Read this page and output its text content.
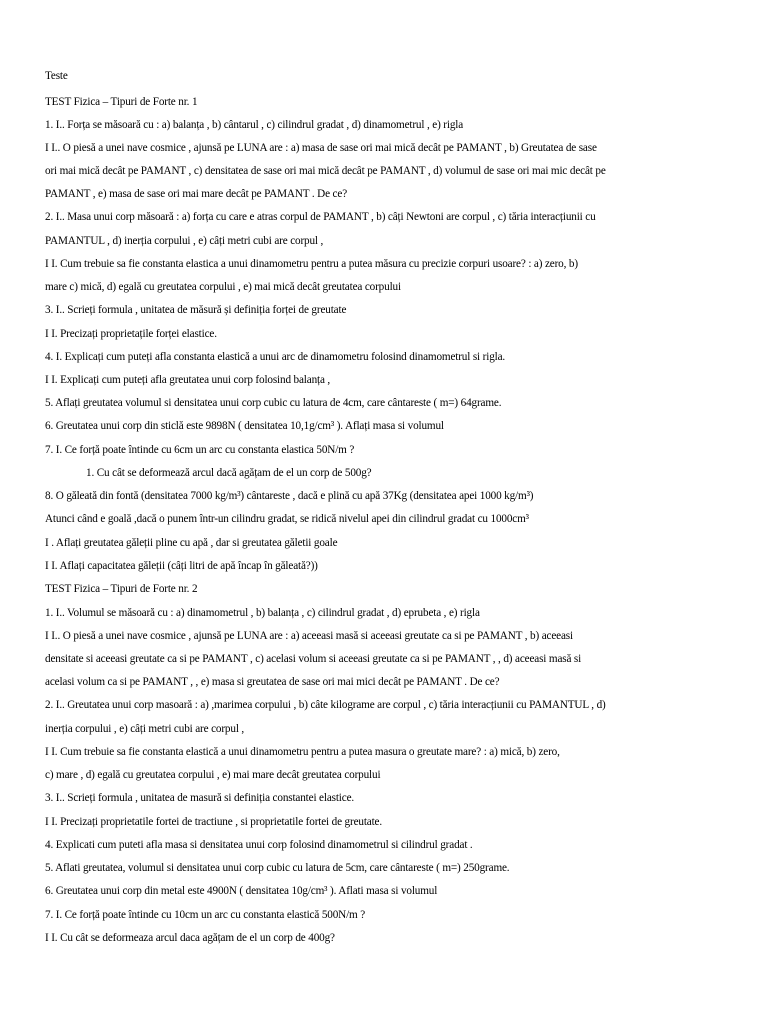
Teste
TEST Fizica – Tipuri de Forte nr. 1
1. I.. Forța se măsoară cu : a) balanța , b) cântarul , c) cilindrul gradat , d) dinamometrul , e) rigla
I I.. O piesă a unei nave cosmice , ajunsă pe LUNA are : a) masa de sase ori mai mică decât pe PAMANT , b) Greutatea de sase
ori mai mică decât pe PAMANT , c) densitatea de sase ori mai mică decât pe PAMANT , d) volumul de sase ori mai mic decât pe
PAMANT , e) masa de sase ori mai mare decât pe PAMANT . De ce?
2. I.. Masa unui corp măsoară : a) forța cu care e atras corpul de PAMANT , b) câți Newtoni are corpul , c) tăria interacțiunii cu
PAMANTUL , d) inerția corpului , e) câți metri cubi are corpul ,
I I. Cum trebuie sa fie constanta elastica a unui dinamometru pentru a putea măsura cu precizie corpuri usoare? : a) zero, b)
mare c) mică, d) egală cu greutatea corpului , e) mai mică decât greutatea corpului
3. I.. Scrieți formula , unitatea de măsură și definiția forței de greutate
I I. Precizați proprietațile forței elastice.
4. I. Explicați cum puteți afla constanta elastică a unui arc de dinamometru folosind dinamometrul si rigla.
I I. Explicați cum puteți afla greutatea unui corp folosind balanța ,
5. Aflați greutatea volumul si densitatea unui corp cubic cu latura de 4cm, care cântareste ( m=) 64grame.
6. Greutatea unui corp din sticlă este 9898N ( densitatea 10,1g/cm³ ). Aflați masa si volumul
7. I. Ce forță poate întinde cu 6cm un arc cu constanta elastica 50N/m ?
1. Cu cât se deformează arcul dacă agățam de el un corp de 500g?
8. O găleată din fontă (densitatea 7000 kg/m³) cântareste , dacă e plină cu apă 37Kg (densitatea apei 1000 kg/m³)
Atunci când e goală ,dacă o punem într-un cilindru gradat, se ridică nivelul apei din cilindrul gradat cu 1000cm³
I . Aflați greutatea găleții pline cu apă , dar si greutatea găletii goale
I I. Aflați capacitatea găleții (câți litri de apă încap în găleată?))
TEST Fizica – Tipuri de Forte nr. 2
1. I.. Volumul se măsoară cu : a) dinamometrul , b) balanța , c) cilindrul gradat , d) eprubeta , e) rigla
I I.. O piesă a unei nave cosmice , ajunsă pe LUNA are : a) aceeasi masă si aceeasi greutate ca si pe PAMANT , b) aceeasi
densitate si aceeasi greutate ca si pe PAMANT , c) acelasi volum si aceeasi greutate ca si pe PAMANT , , d) aceeasi masă si
acelasi volum ca si pe PAMANT , , e) masa si greutatea de sase ori mai mici decât pe PAMANT . De ce?
2. I.. Greutatea unui corp masoară : a) ,marimea corpului , b) câte kilograme are corpul , c) tăria interacțiunii cu PAMANTUL , d)
inerția corpului , e) câți metri cubi are corpul ,
I I. Cum trebuie sa fie constanta elastică a unui dinamometru pentru a putea masura o greutate mare? : a) mică, b) zero,
c) mare , d) egală cu greutatea corpului , e) mai mare decât greutatea corpului
3. I.. Scrieți formula , unitatea de masură si definiția constantei elastice.
I I. Precizați proprietatile fortei de tractiune , si proprietatile fortei de greutate.
4. Explicati cum puteti afla masa si densitatea unui corp folosind dinamometrul si cilindrul gradat .
5. Aflati greutatea, volumul si densitatea unui corp cubic cu latura de 5cm, care cântareste ( m=) 250grame.
6. Greutatea unui corp din metal este 4900N ( densitatea 10g/cm³ ). Aflati masa si volumul
7. I. Ce forță poate întinde cu 10cm un arc cu constanta elastică 500N/m ?
I I. Cu cât se deformeaza arcul daca agățam de el un corp de 400g?
